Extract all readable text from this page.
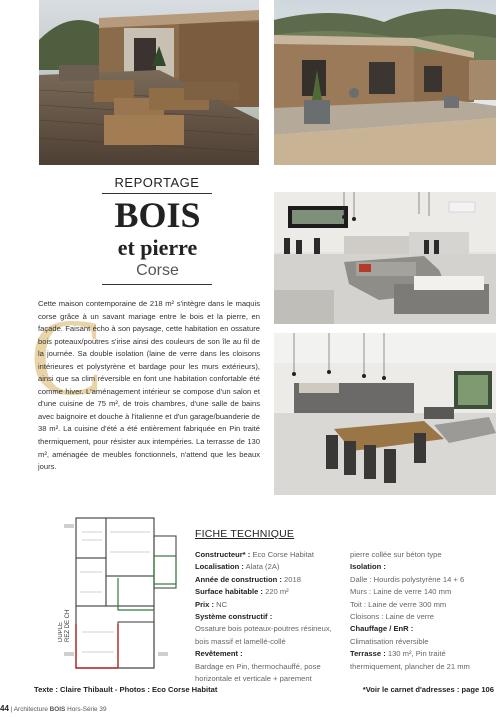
REPORTAGE
BOIS
et pierre
Corse
C
Cette maison contemporaine de 218 m² s'intègre dans le maquis corse grâce à un savant mariage entre le bois et la pierre, en façade. Faisant écho à son paysage, cette habitation en ossature bois poteaux/poutres s'irise ainsi des couleurs de son île au fil de la journée. Sa double isolation (laine de verre dans les cloisons intérieures et polystyrène et bardage pour les murs extérieurs), ainsi que sa clim réversible en font une habitation confortable été comme hiver. L'aménagement intérieur se compose d'un salon et d'une cuisine de 75 m², de trois chambres, d'une salle de bains avec baignoire et douche à l'italienne et d'un garage/buanderie de 38 m². La cuisine d'été a été entièrement fabriquée en Pin traité thermiquement, pour résister aux intempéries. La terrasse de 130 m², aménagée de meubles fonctionnels, n'attend que les beaux jours.
DUPLE REZ DE CH
FICHE TECHNIQUE
Constructeur* : Eco Corse Habitat
Localisation : Alata (2A)
Année de construction : 2018
Surface habitable : 220 m²
Prix : NC
Système constructif :
Ossature bois poteaux-poutres résineux, bois massif et lamellé-collé
Revêtement :
Bardage en Pin, thermochauffé, pose horizontale et verticale + parement
pierre collée sur béton type
Isolation :
Dalle : Hourdis polystyrène 14 + 6
Murs : Laine de verre 140 mm
Toit : Laine de verre 300 mm
Cloisons : Laine de verre
Chauffage / EnR :
Climatisation réversible
Terrasse : 130 m², Pin traité thermiquement, plancher de 21 mm
Texte : Claire Thibault - Photos : Eco Corse Habitat	*Voir le carnet d'adresses : page 106
44 | Architecture BOIS Hors-Série 39
